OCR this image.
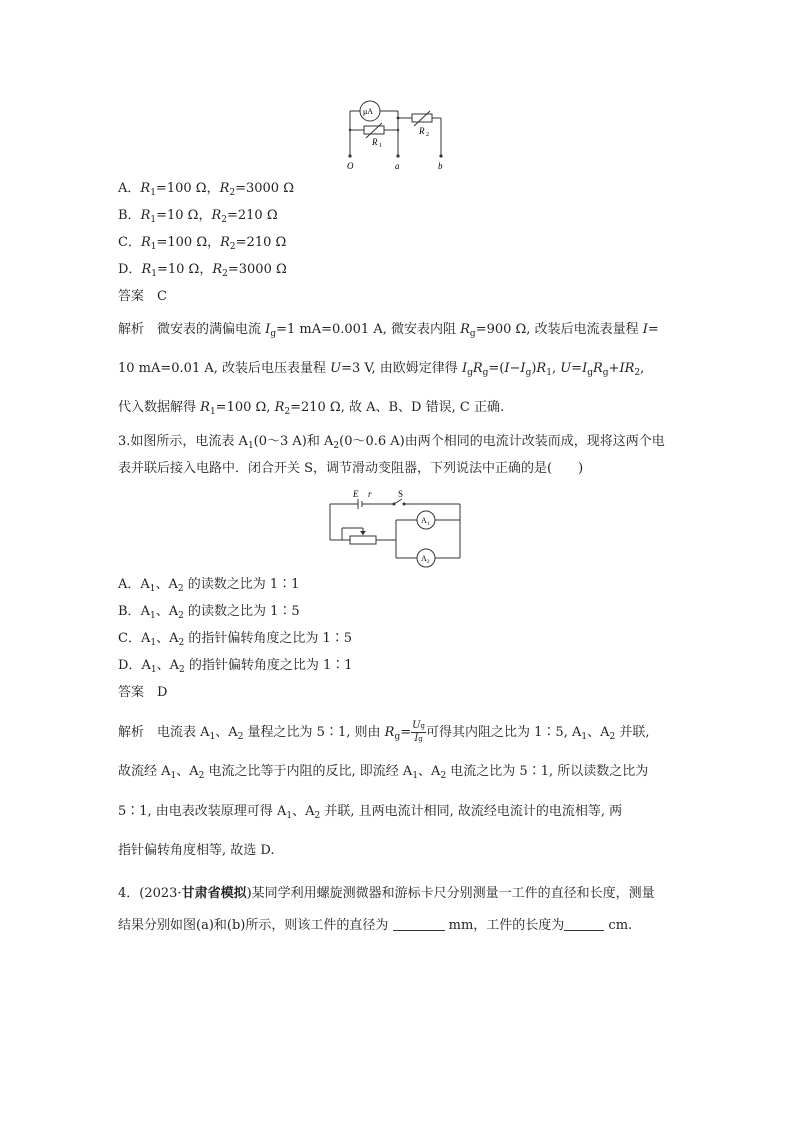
μA
R 1
R 2
O	a	b
A．$R_1=100$ Ω，$R_2=3000$ Ω
B．$R_1=10$ Ω，$R_2=210$ Ω
C．$R_1=100$ Ω，$R_2=210$ Ω
D．$R_1=10$ Ω，$R_2=3000$ Ω
答案　 C
解析　 微安表的满偏电流 $I_g=1$ mA=0.001 A, 微安表内阻 $R_g=900$ Ω, 改装后电流表量程 I=
10 mA=0.01 A, 改装后电压表量程 U=3 V, 由欧姆定律得 $I_gR_g=(I-I_g)R_1$, $U=I_gR_g+IR_2$,
代入数据解得 $R_1=100$ Ω, $R_2=210$ Ω, 故 A、B、D 错误, C 正确.
3.如图所示，电流表 $A_1(0\sim 3$ A)和 $A_2(0\sim 0.6$ A)由两个相同的电流计改装而成，现将这两个电
表并联后接入电路中．闭合开关 S，调节滑动变阻器，下列说法中正确的是(　　)
E r	S
A 1
A 2
A．$A_1$、$A_2$ 的读数之比为 1∶1
B．$A_1$、$A_2$ 的读数之比为 1∶5
C．$A_1$、$A_2$ 的指针偏转角度之比为 1∶5
D．$A_1$、$A_2$ 的指针偏转角度之比为 1∶1
答案　 D
解析　 电流表 $A_1$、$A_2$ 量程之比为 5∶1, 则由 $R_g= \frac{Ug}{Ig}$ 可得其内阻之比为 1∶5, $A_1$、$A_2$ 并联,
故流经 $A_1$、$A_2$ 电流之比等于内阻的反比, 即流经 $A_1$、$A_2$ 电流之比为 5∶1, 所以读数之比为
5∶1, 由电表改装原理可得 $A_1$、$A_2$ 并联, 且两电流计相同, 故流经电流计的电流相等, 两
指针偏转角度相等, 故选 D.
4．(2023·甘肃省模拟)某同学利用螺旋测微器和游标卡尺分别测量一工件的直径和长度，测量
结果分别如图(a)和(b)所示，则该工件的直径为	mm，工件的长度为	cm.
